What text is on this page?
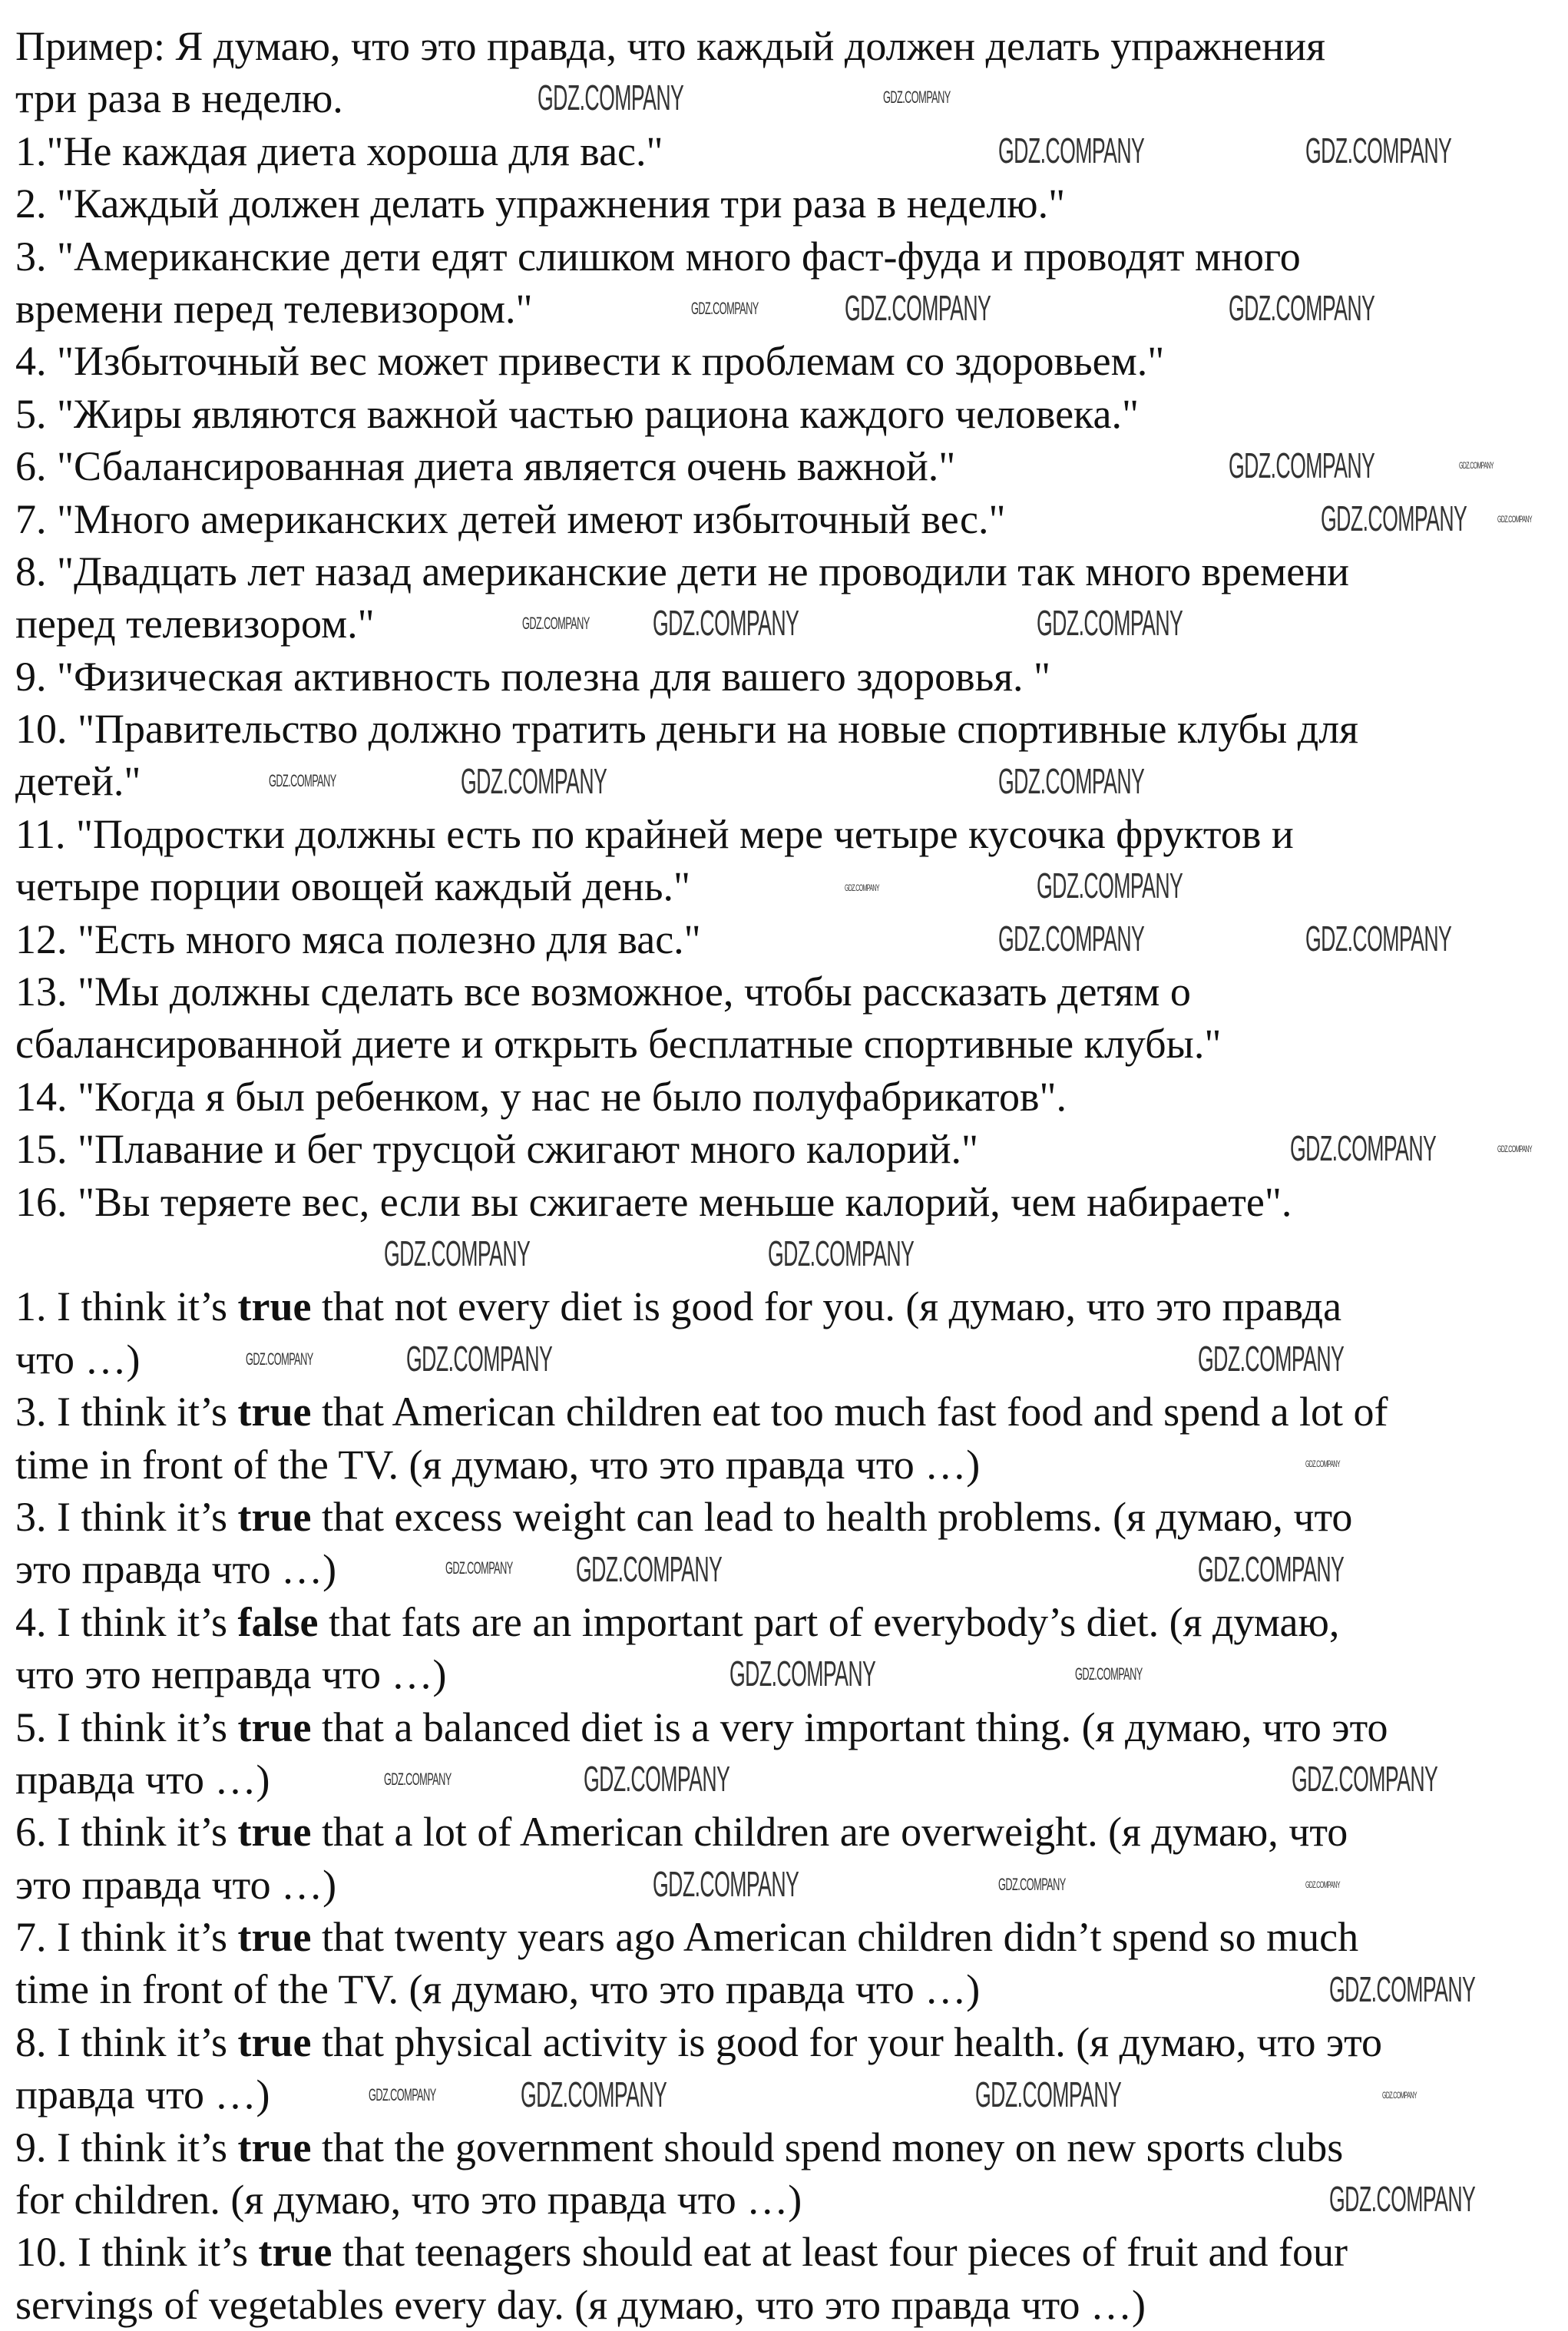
Пример: Я думаю, что это правда, что каждый должен делать упражнения
три раза в неделю.
1."Не каждая диета хороша для вас."
2. "Каждый должен делать упражнения три раза в неделю."
3. "Американские дети едят слишком много фаст-фуда и проводят много
времени перед телевизором."
4. "Избыточный вес может привести к проблемам со здоровьем."
5. "Жиры являются важной частью рациона каждого человека."
6. "Сбалансированная диета является очень важной."
7. "Много американских детей имеют избыточный вес."
8. "Двадцать лет назад американские дети не проводили так много времени
перед телевизором."
9. "Физическая активность полезна для вашего здоровья. "
10. "Правительство должно тратить деньги на новые спортивные клубы для
детей."
11. "Подростки должны есть по крайней мере четыре кусочка фруктов и
четыре порции овощей каждый день."
12. "Есть много мяса полезно для вас."
13. "Мы должны сделать все возможное, чтобы рассказать детям о
сбалансированной диете и открыть бесплатные спортивные клубы."
14. "Когда я был ребенком, у нас не было полуфабрикатов".
15. "Плавание и бег трусцой сжигают много калорий."
16. "Вы теряете вес, если вы сжигаете меньше калорий, чем набираете".
1. I think it’s true that not every diet is good for you. (я думаю, что это правда
что …)
3. I think it’s true that American children eat too much fast food and spend a lot of
time in front of the TV. (я думаю, что это правда что …)
3. I think it’s true that excess weight can lead to health problems. (я думаю, что
это правда что …)
4. I think it’s false that fats are an important part of everybody’s diet. (я думаю,
что это неправда что …)
5. I think it’s true that a balanced diet is a very important thing. (я думаю, что это
правда что …)
6. I think it’s true that a lot of American children are overweight. (я думаю, что
это правда что …)
7. I think it’s true that twenty years ago American children didn’t spend so much
time in front of the TV. (я думаю, что это правда что …)
8. I think it’s true that physical activity is good for your health. (я думаю, что это
правда что …)
9. I think it’s true that the government should spend money on new sports clubs
for children. (я думаю, что это правда что …)
10. I think it’s true that teenagers should eat at least four pieces of fruit and four
servings of vegetables every day. (я думаю, что это правда что …)
GDZ.COMPANY
GDZ.COMPANY	GDZ.COMPANY
GDZ.COMPANY	GDZ.COMPANY
GDZ.COMPANY
GDZ.COMPANY
GDZ.COMPANY	GDZ.COMPANY
GDZ.COMPANY	GDZ.COMPANY
GDZ.COMPANY
GDZ.COMPANY	GDZ.COMPANY
GDZ.COMPANY
GDZ.COMPANY	GDZ.COMPANY
GDZ.COMPANY	GDZ.COMPANY
GDZ.COMPANY	GDZ.COMPANY
GDZ.COMPANY
GDZ.COMPANY	GDZ.COMPANY
GDZ.COMPANY
GDZ.COMPANY
GDZ.COMPANY	GDZ.COMPANY
GDZ.COMPANY
GDZ.COMPANY
GDZ.COMPANY
GDZ.COMPANY
GDZ.COMPANY
GDZ.COMPANY
GDZ.COMPANY
GDZ.COMPANY
GDZ.COMPANY
GDZ.COMPANY
GDZ.COMPANY
GDZ.COMPANY
GDZ.COMPANY
GDZ.COMPANY
GDZ.COMPANY
GDZ.COMPANY
GDZ.COMPANY
GDZ.COMPANY
